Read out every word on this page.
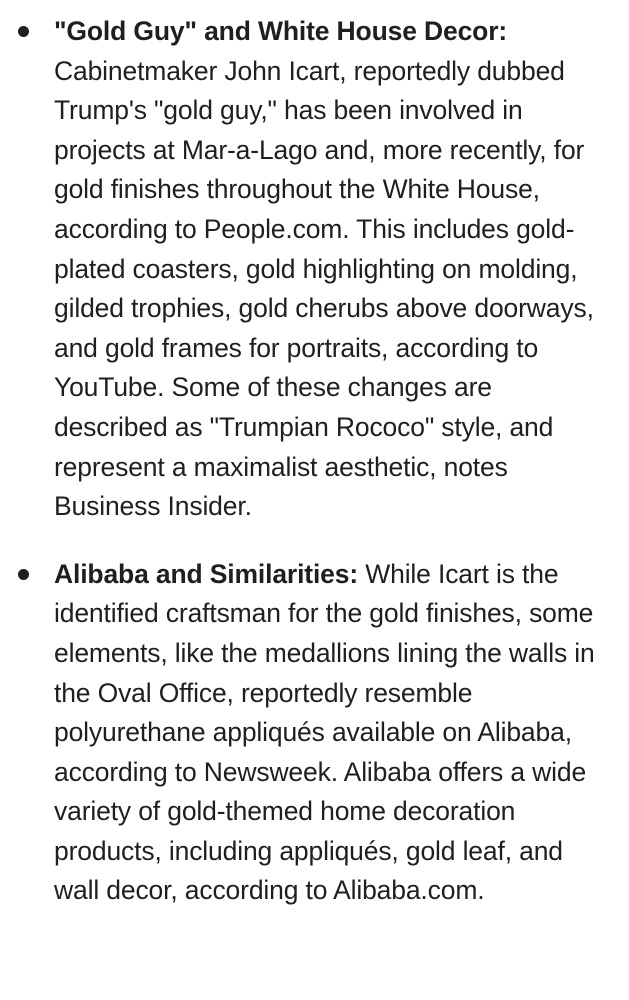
"Gold Guy" and White House Decor: Cabinetmaker John Icart, reportedly dubbed Trump's "gold guy," has been involved in projects at Mar-a-Lago and, more recently, for gold finishes throughout the White House, according to People.com. This includes gold-plated coasters, gold highlighting on molding, gilded trophies, gold cherubs above doorways, and gold frames for portraits, according to YouTube. Some of these changes are described as "Trumpian Rococo" style, and represent a maximalist aesthetic, notes Business Insider.
Alibaba and Similarities: While Icart is the identified craftsman for the gold finishes, some elements, like the medallions lining the walls in the Oval Office, reportedly resemble polyurethane appliqués available on Alibaba, according to Newsweek. Alibaba offers a wide variety of gold-themed home decoration products, including appliqués, gold leaf, and wall decor, according to Alibaba.com.
